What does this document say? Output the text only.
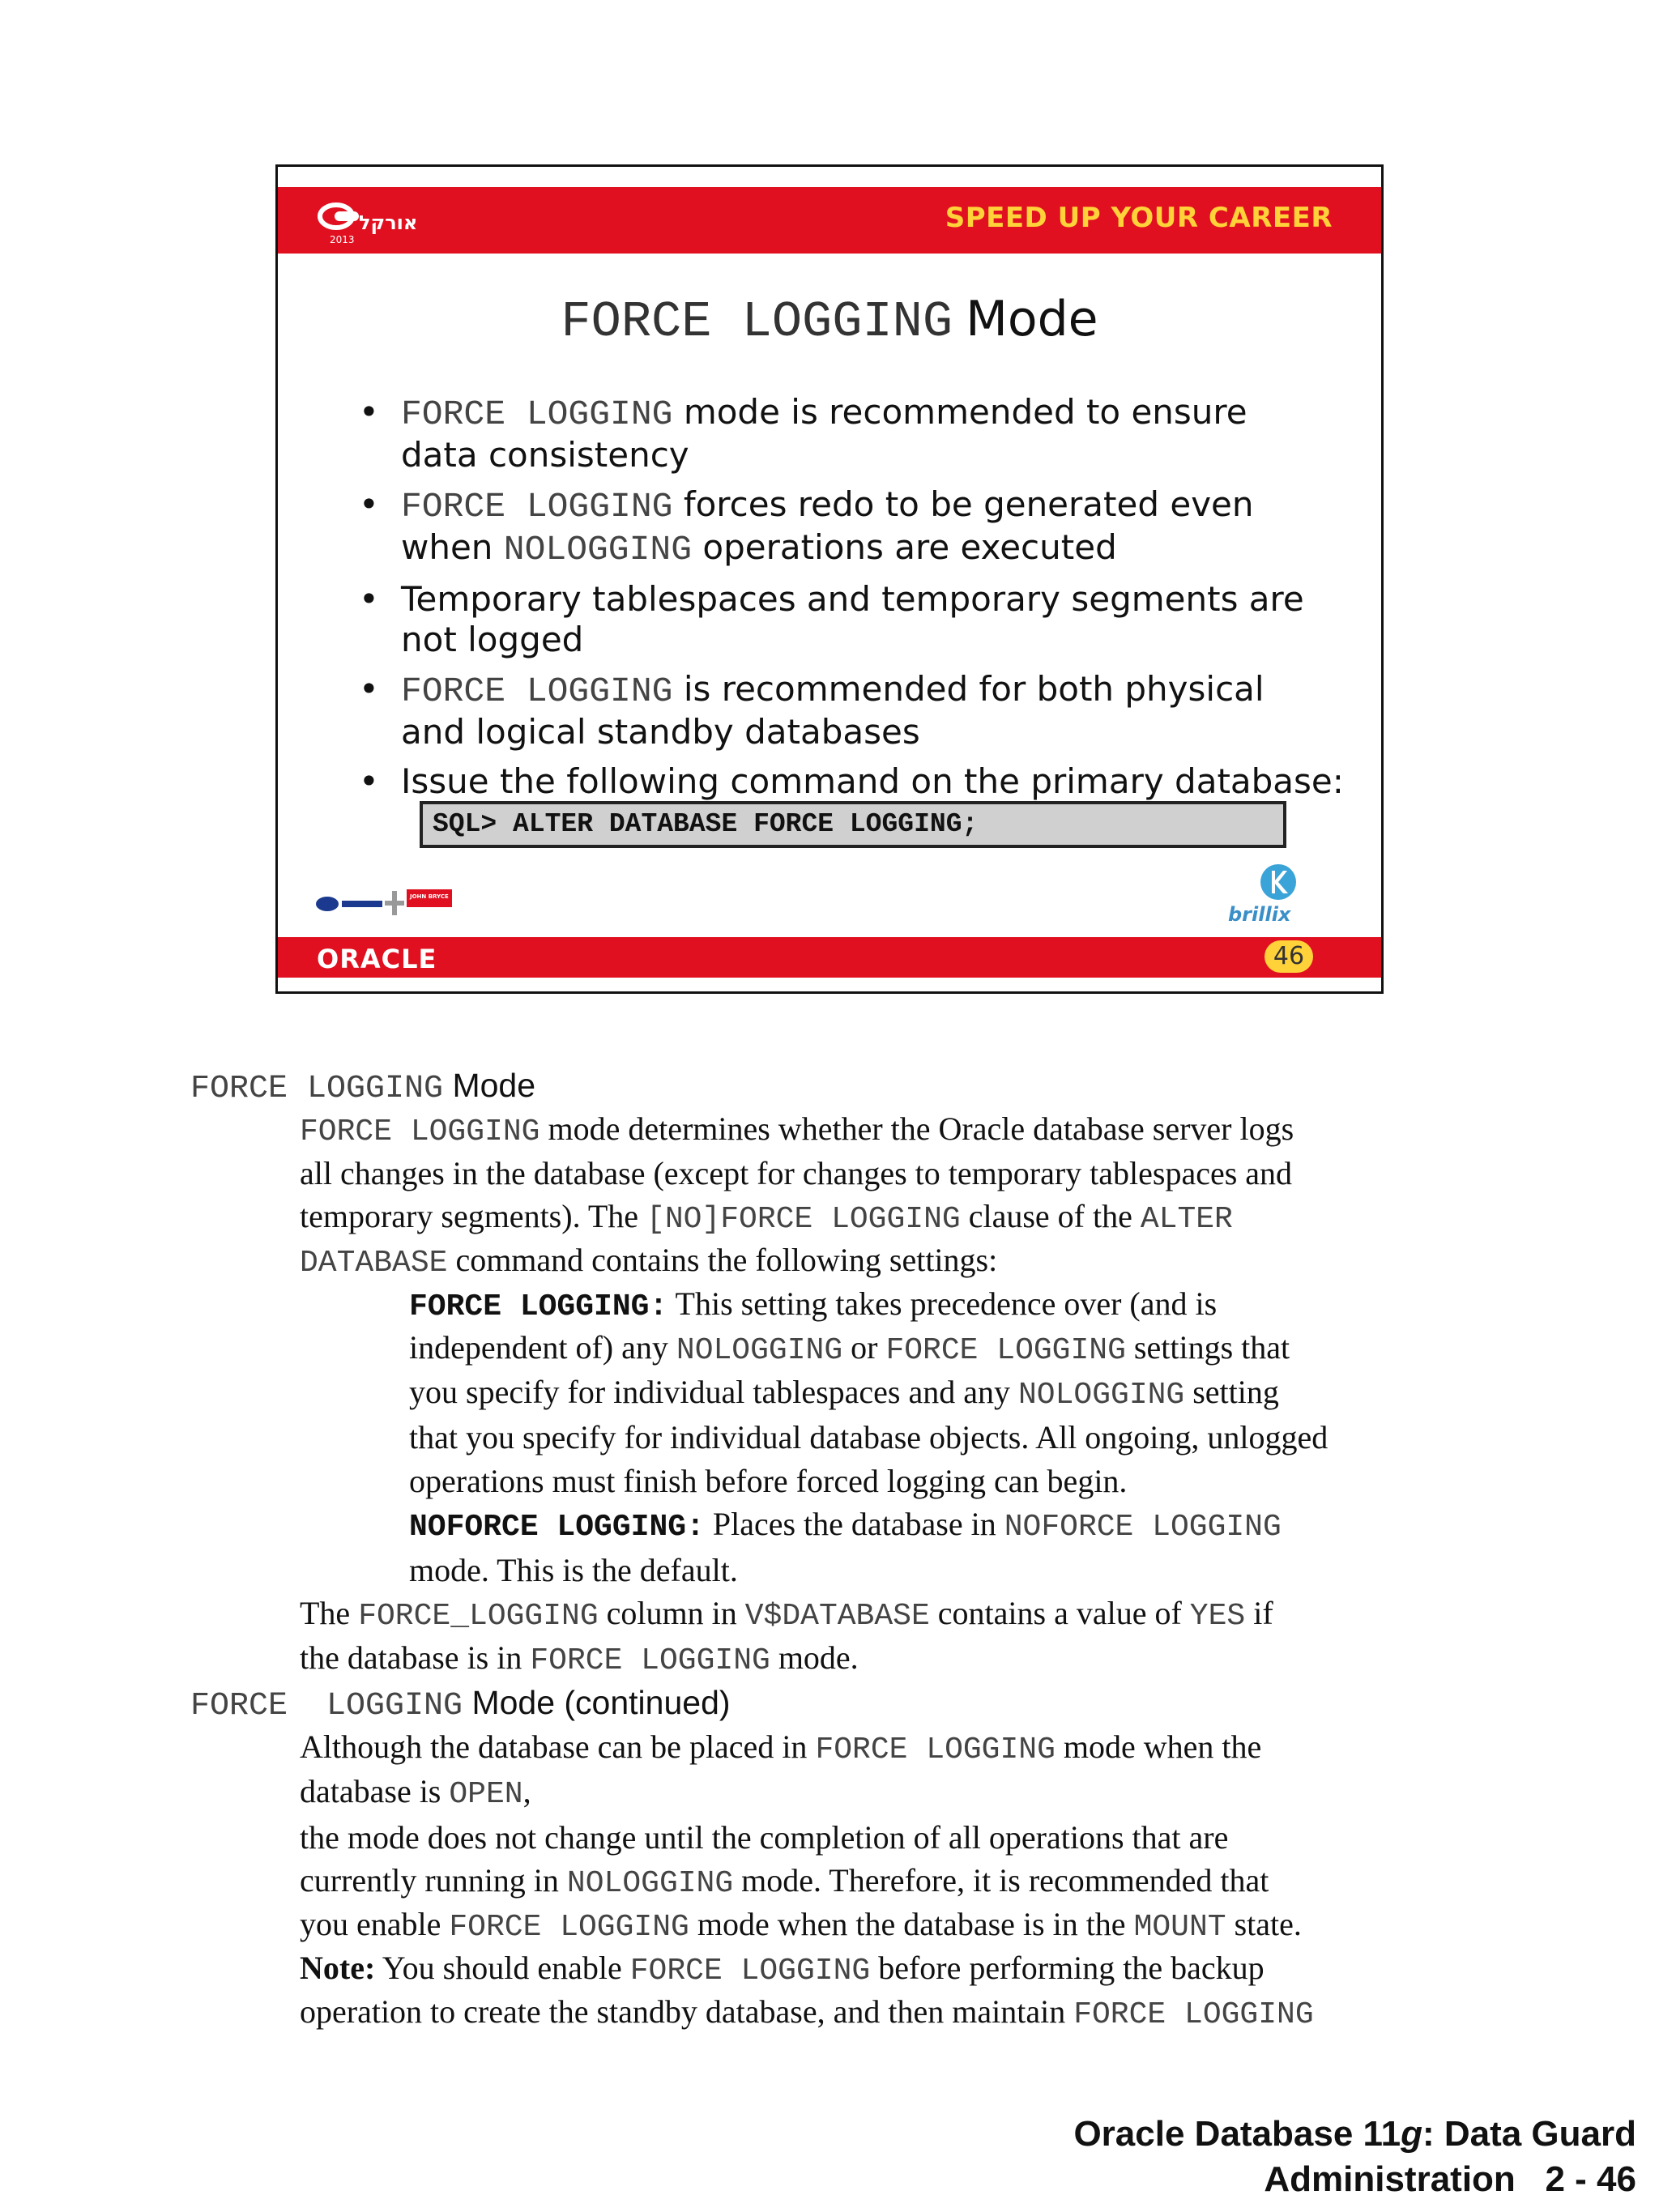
אורקל
2013
SPEED UP YOUR CAREER
FORCE LOGGING Mode
• FORCE LOGGING mode is recommended to ensure
data consistency
• FORCE LOGGING forces redo to be generated even
when NOLOGGING operations are executed
• Temporary tablespaces and temporary segments are
not logged
• FORCE LOGGING is recommended for both physical
and logical standby databases
• Issue the following command on the primary database:
SQL> ALTER DATABASE FORCE LOGGING;
JOHN BRYCE
brillix
ORACLE	46
FORCE LOGGING Mode
FORCE LOGGING mode determines whether the Oracle database server logs
all changes in the database (except for changes to temporary tablespaces and
temporary segments). The [NO]FORCE LOGGING clause of the ALTER
DATABASE command contains the following settings:
FORCE LOGGING: This setting takes precedence over (and is
independent of) any NOLOGGING or FORCE LOGGING settings that
you specify for individual tablespaces and any NOLOGGING setting
that you specify for individual database objects. All ongoing, unlogged
operations must finish before forced logging can begin.
NOFORCE LOGGING: Places the database in NOFORCE LOGGING
mode. This is the default.
The FORCE_LOGGING column in V$DATABASE contains a value of YES if
the database is in FORCE LOGGING mode.
FORCE  LOGGING Mode (continued)
Although the database can be placed in FORCE LOGGING mode when the
database is OPEN,
the mode does not change until the completion of all operations that are
currently running in NOLOGGING mode. Therefore, it is recommended that
you enable FORCE LOGGING mode when the database is in the MOUNT state.
Note: You should enable FORCE LOGGING before performing the backup
operation to create the standby database, and then maintain FORCE LOGGING
Oracle Database 11g: Data Guard
Administration   2 - 46
